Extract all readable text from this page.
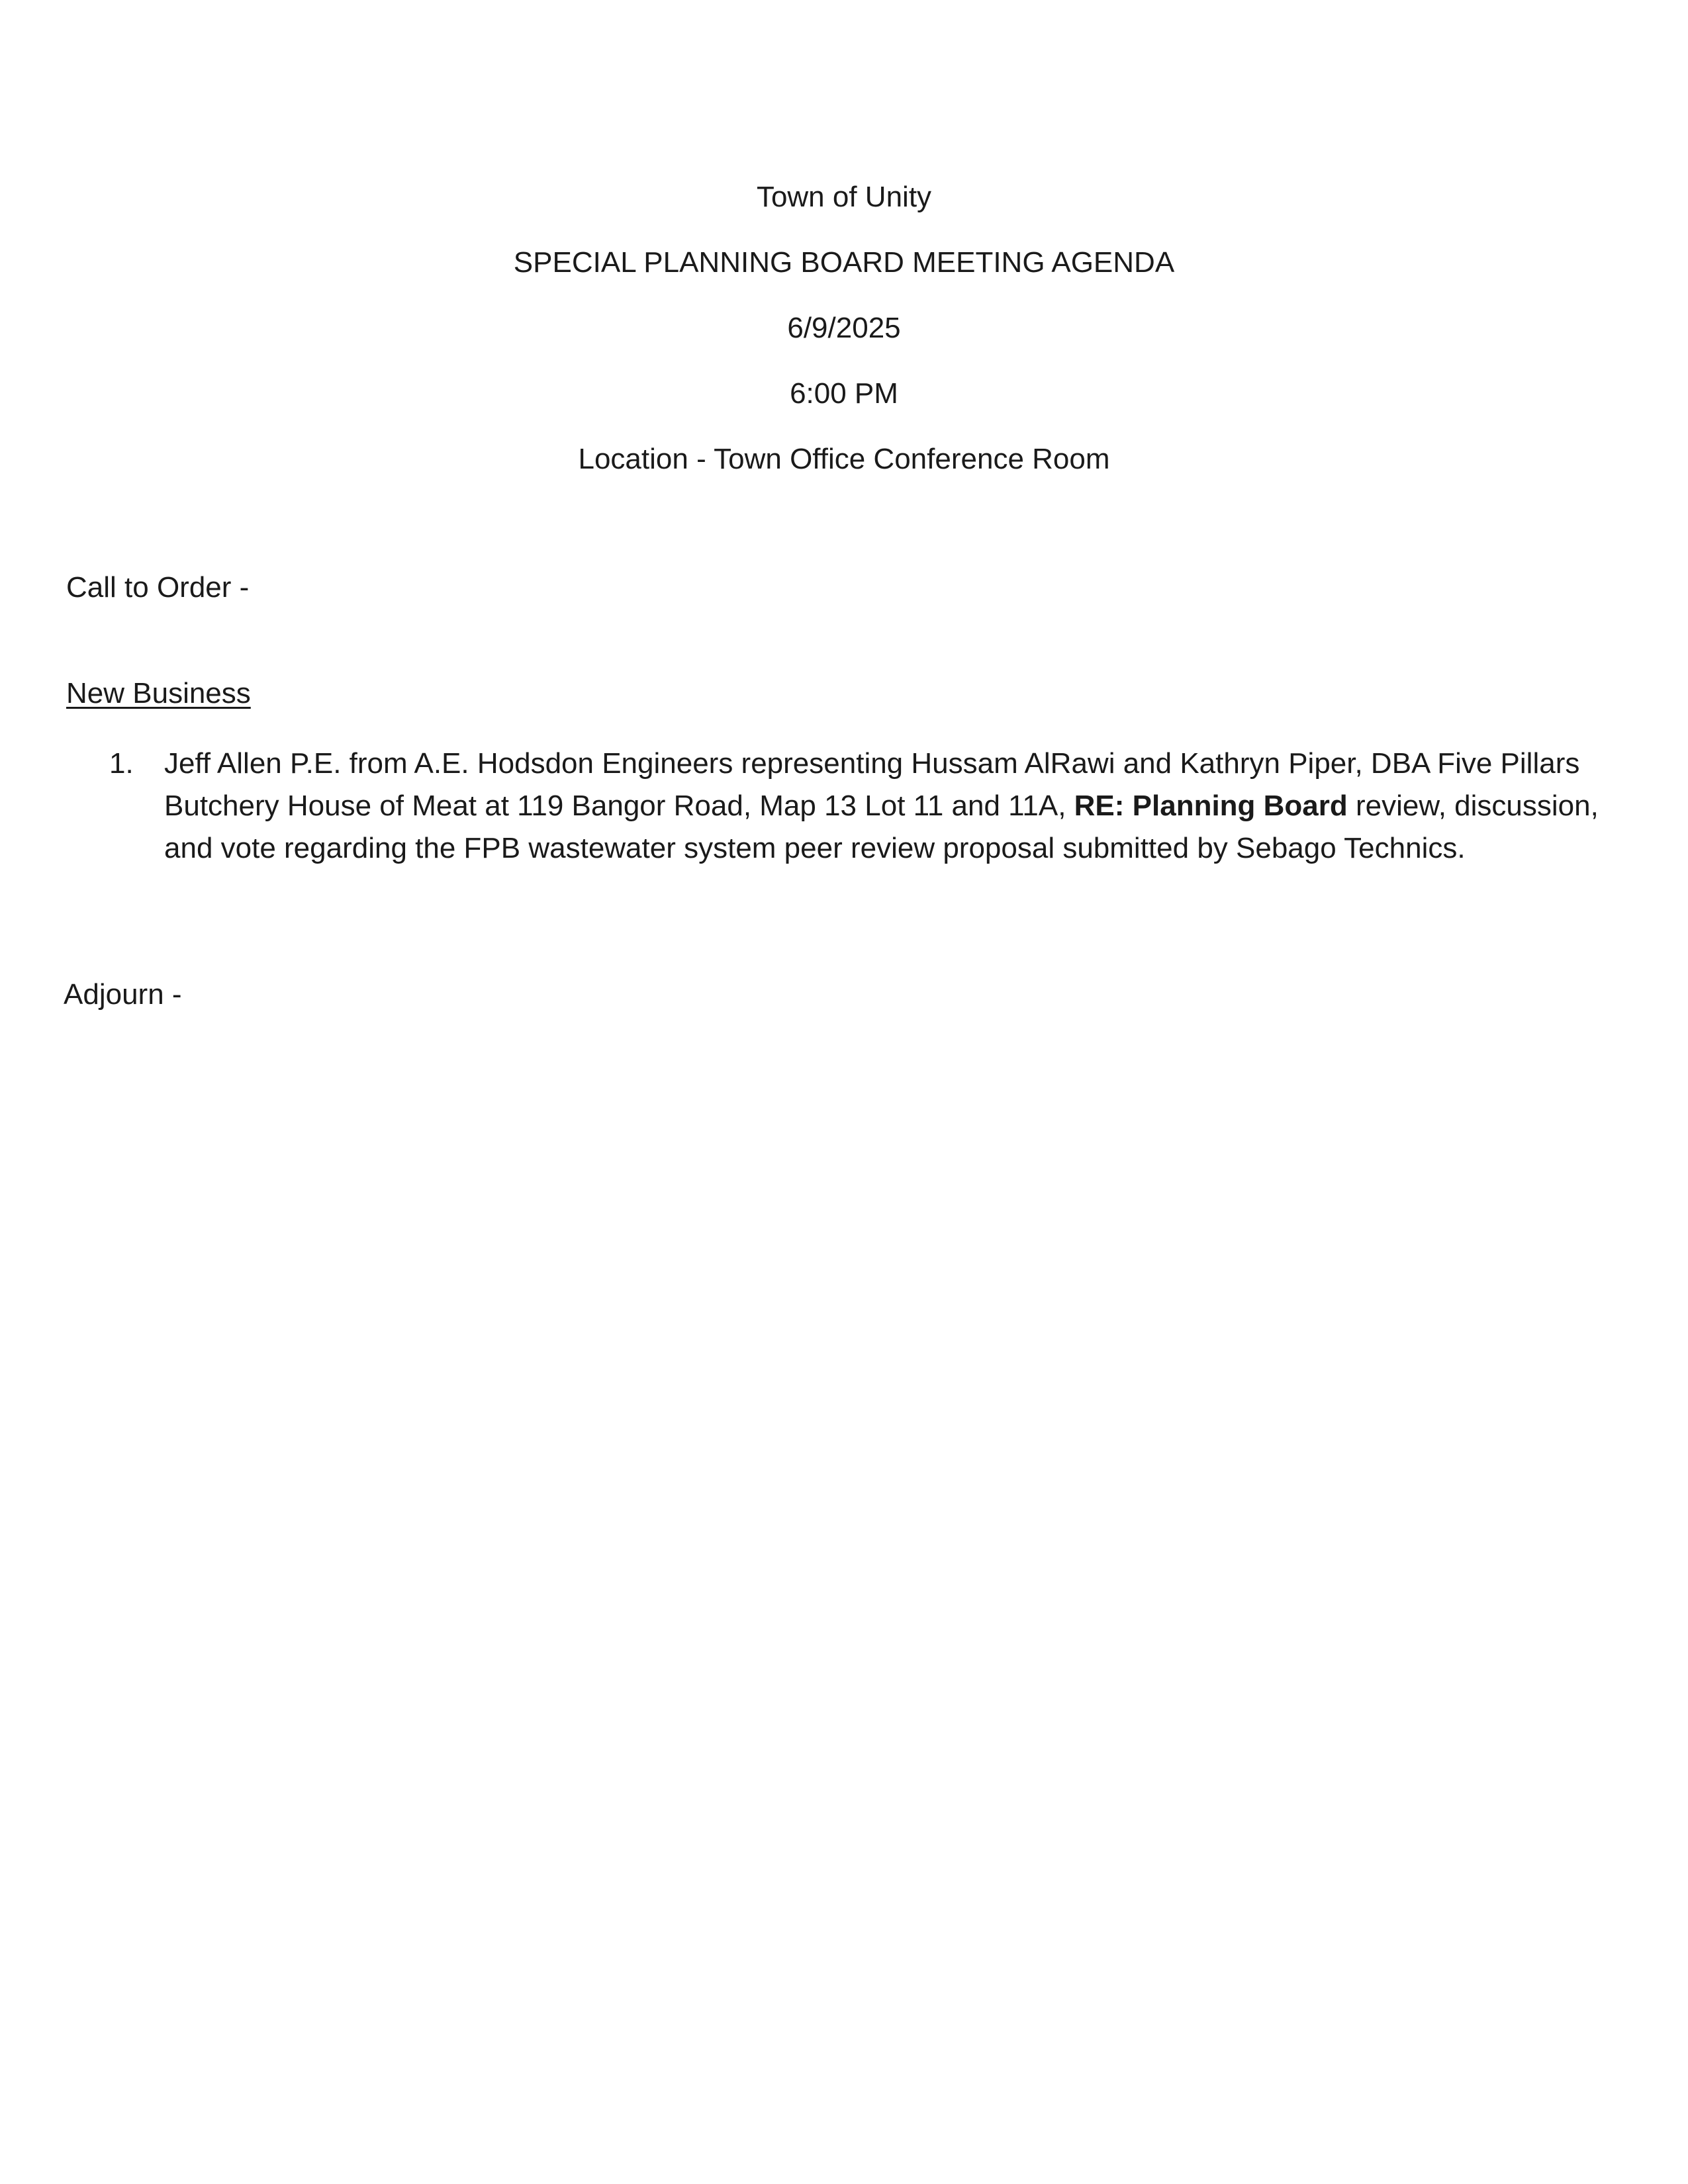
Town of Unity
SPECIAL PLANNING BOARD MEETING AGENDA
6/9/2025
6:00 PM
Location - Town Office Conference Room
Call to Order -
New Business
1. Jeff Allen P.E. from A.E. Hodsdon Engineers representing Hussam AlRawi and Kathryn Piper, DBA Five Pillars Butchery House of Meat at 119 Bangor Road, Map 13 Lot 11 and 11A, RE: Planning Board review, discussion, and vote regarding the FPB wastewater system peer review proposal submitted by Sebago Technics.
Adjourn -
